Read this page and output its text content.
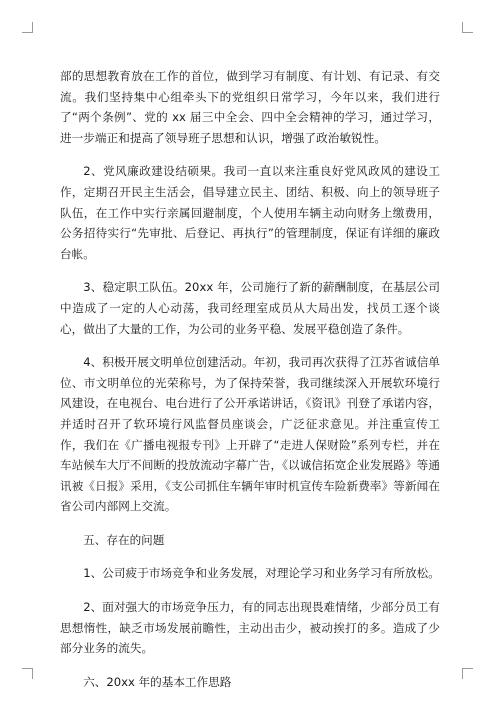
部的思想教育放在工作的首位，做到学习有制度、有计划、有记录、有交流。我们坚持集中心组牵头下的党组织日常学习，今年以来，我们进行了“两个条例”、党的 xx 届三中全会、四中全会精神的学习，通过学习，进一步端正和提高了领导班子思想和认识，增强了政治敏锐性。

2、党风廉政建设结硕果。我司一直以来注重良好党风政风的建设工作，定期召开民主生活会，倡导建立民主、团结、积极、向上的领导班子队伍，在工作中实行亲属回避制度，个人使用车辆主动向财务上缴费用，公务招待实行“先审批、后登记、再执行”的管理制度，保证有详细的廉政台帐。

3、稳定职工队伍。20xx 年，公司施行了新的薪酬制度，在基层公司中造成了一定的人心动荡，我司经理室成员从大局出发，找员工逐个谈心，做出了大量的工作，为公司的业务平稳、发展平稳创造了条件。

4、积极开展文明单位创建活动。年初，我司再次获得了江苏省诚信单位、市文明单位的光荣称号，为了保持荣誉，我司继续深入开展软环境行风建设，在电视台、电台进行了公开承诺讲话，《资讯》刊登了承诺内容，并适时召开了软环境行风监督员座谈会，广泛征求意见。并注重宣传工作，我们在《广播电视报专刊》上开辟了“走进人保财险”系列专栏，并在车站候车大厅不间断的投放流动字幕广告，《以诚信拓宽企业发展路》等通讯被《日报》采用，《支公司抓住车辆年审时机宣传车险新费率》等新闻在省公司内部网上交流。

五、存在的问题

1、公司疲于市场竞争和业务发展，对理论学习和业务学习有所放松。

2、面对强大的市场竞争压力，有的同志出现畏难情绪，少部分员工有思想惰性，缺乏市场发展前瞻性，主动出击少，被动挨打的多。造成了少部分业务的流失。

六、20xx 年的基本工作思路
